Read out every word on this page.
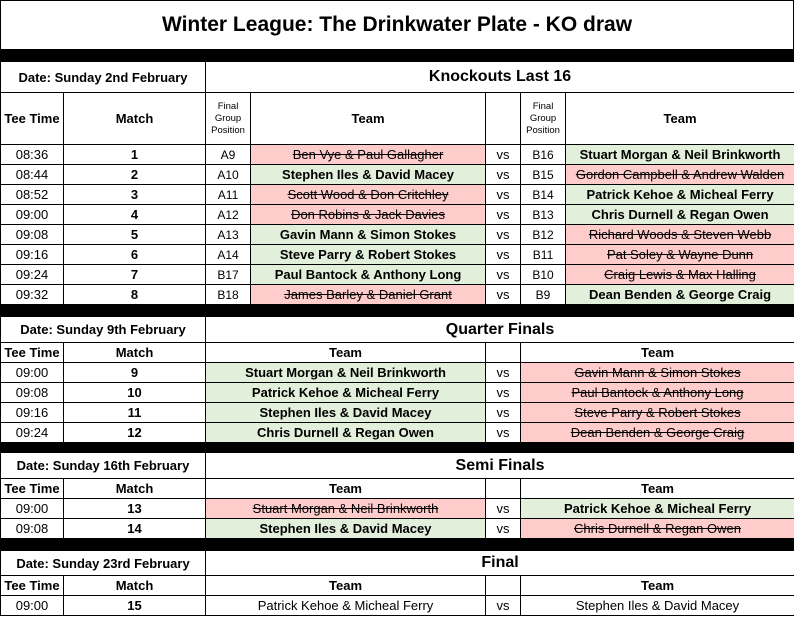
Winter League: The Drinkwater Plate - KO draw
Date: Sunday 2nd February		Knockouts Last 16				
Tee Time	Match	Final Group Position	Team		Final Group Position	Team
08:36	1	A9	Ben Vye & Paul Gallagher	vs	B16	Stuart Morgan & Neil Brinkworth
08:44	2	A10	Stephen Iles & David Macey	vs	B15	Gordon Campbell & Andrew Walden
08:52	3	A11	Scott Wood & Don Critchley	vs	B14	Patrick Kehoe & Micheal Ferry
09:00	4	A12	Don Robins & Jack Davies	vs	B13	Chris Durnell & Regan Owen
09:08	5	A13	Gavin Mann & Simon Stokes	vs	B12	Richard Woods & Steven Webb
09:16	6	A14	Steve Parry & Robert Stokes	vs	B11	Pat Soley & Wayne Dunn
09:24	7	B17	Paul Bantock & Anthony Long	vs	B10	Craig Lewis & Max Halling
09:32	8	B18	James Barley & Daniel Grant	vs	B9	Dean Benden & George Craig
Date: Sunday 9th February		Quarter Finals		
Tee Time	Match	Team		Team
09:00	9	Stuart Morgan & Neil Brinkworth	vs	Gavin Mann & Simon Stokes
09:08	10	Patrick Kehoe & Micheal Ferry	vs	Paul Bantock & Anthony Long
09:16	11	Stephen Iles & David Macey	vs	Steve Parry & Robert Stokes
09:24	12	Chris Durnell & Regan Owen	vs	Dean Benden & George Craig
Date: Sunday 16th February		Semi Finals		
Tee Time	Match	Team		Team
09:00	13	Stuart Morgan & Neil Brinkworth	vs	Patrick Kehoe & Micheal Ferry
09:08	14	Stephen Iles & David Macey	vs	Chris Durnell & Regan Owen
Date: Sunday 23rd February		Final		
Tee Time	Match	Team		Team
09:00	15	Patrick Kehoe & Micheal Ferry	vs	Stephen Iles & David Macey
